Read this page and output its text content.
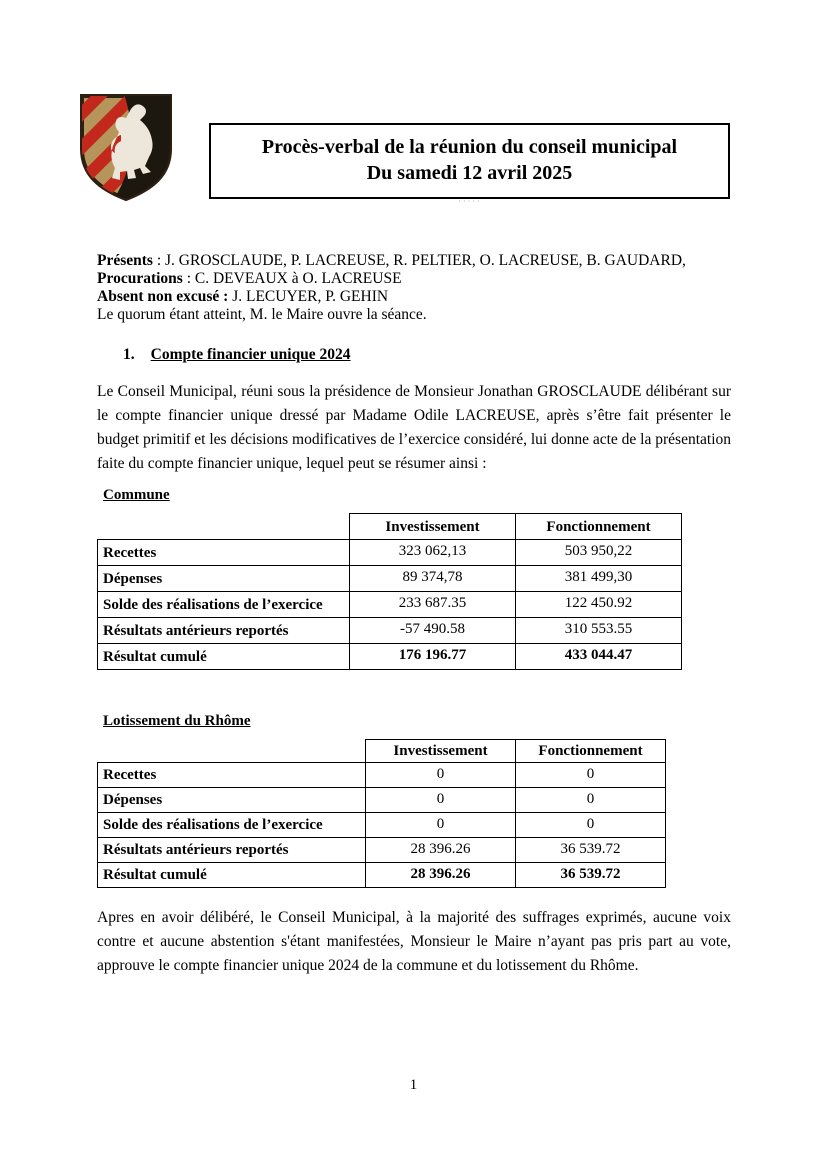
Procès-verbal de la réunion du conseil municipal
Du samedi 12 avril 2025
·····

Présents : J. GROSCLAUDE, P. LACREUSE, R. PELTIER, O. LACREUSE, B. GAUDARD,

Procurations : C. DEVEAUX à O. LACREUSE

Absent non excusé : J. LECUYER, P. GEHIN

Le quorum étant atteint, M. le Maire ouvre la séance.

1. Compte financier unique 2024

Le Conseil Municipal, réuni sous la présidence de Monsieur Jonathan GROSCLAUDE délibérant sur le compte financier unique dressé par Madame Odile LACREUSE, après s’être fait présenter le budget primitif et les décisions modificatives de l’exercice considéré, lui donne acte de la présentation faite du compte financier unique, lequel peut se résumer ainsi :

Commune
	Investissement	Fonctionnement
Recettes	323 062,13	503 950,22
Dépenses	89 374,78	381 499,30
Solde des réalisations de l’exercice	233 687.35	122 450.92
Résultats antérieurs reportés	-57 490.58	310 553.55
Résultat cumulé	176 196.77	433 044.47
Lotissement du Rhôme
	Investissement	Fonctionnement
Recettes	0	0
Dépenses	0	0
Solde des réalisations de l’exercice	0	0
Résultats antérieurs reportés	28 396.26	36 539.72
Résultat cumulé	28 396.26	36 539.72

Apres en avoir délibéré, le Conseil Municipal, à la majorité des suffrages exprimés, aucune voix contre et aucune abstention s'étant manifestées, Monsieur le Maire n’ayant pas pris part au vote, approuve le compte financier unique 2024 de la commune et du lotissement du Rhôme.

1
